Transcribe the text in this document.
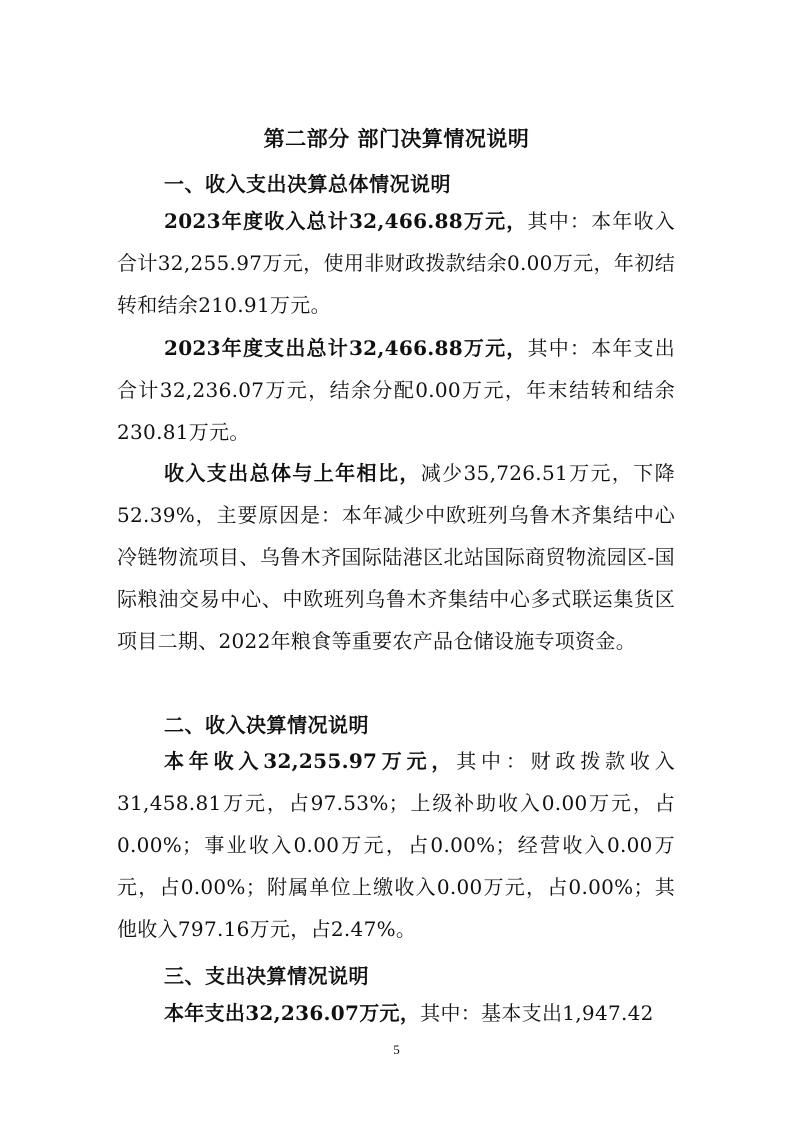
第二部分 部门决算情况说明
一、收入支出决算总体情况说明
2023年度收入总计32,466.88万元，其中：本年收入合计32,255.97万元，使用非财政拨款结余0.00万元，年初结转和结余210.91万元。
2023年度支出总计32,466.88万元，其中：本年支出合计32,236.07万元，结余分配0.00万元，年末结转和结余230.81万元。
收入支出总体与上年相比，减少35,726.51万元，下降52.39%，主要原因是：本年减少中欧班列乌鲁木齐集结中心冷链物流项目、乌鲁木齐国际陆港区北站国际商贸物流园区-国际粮油交易中心、中欧班列乌鲁木齐集结中心多式联运集货区项目二期、2022年粮食等重要农产品仓储设施专项资金。
二、收入决算情况说明
本年收入32,255.97万元，其中：财政拨款收入31,458.81万元，占97.53%；上级补助收入0.00万元，占0.00%；事业收入0.00万元，占0.00%；经营收入0.00万元，占0.00%；附属单位上缴收入0.00万元，占0.00%；其他收入797.16万元，占2.47%。
三、支出决算情况说明
本年支出32,236.07万元，其中：基本支出1,947.42
5
